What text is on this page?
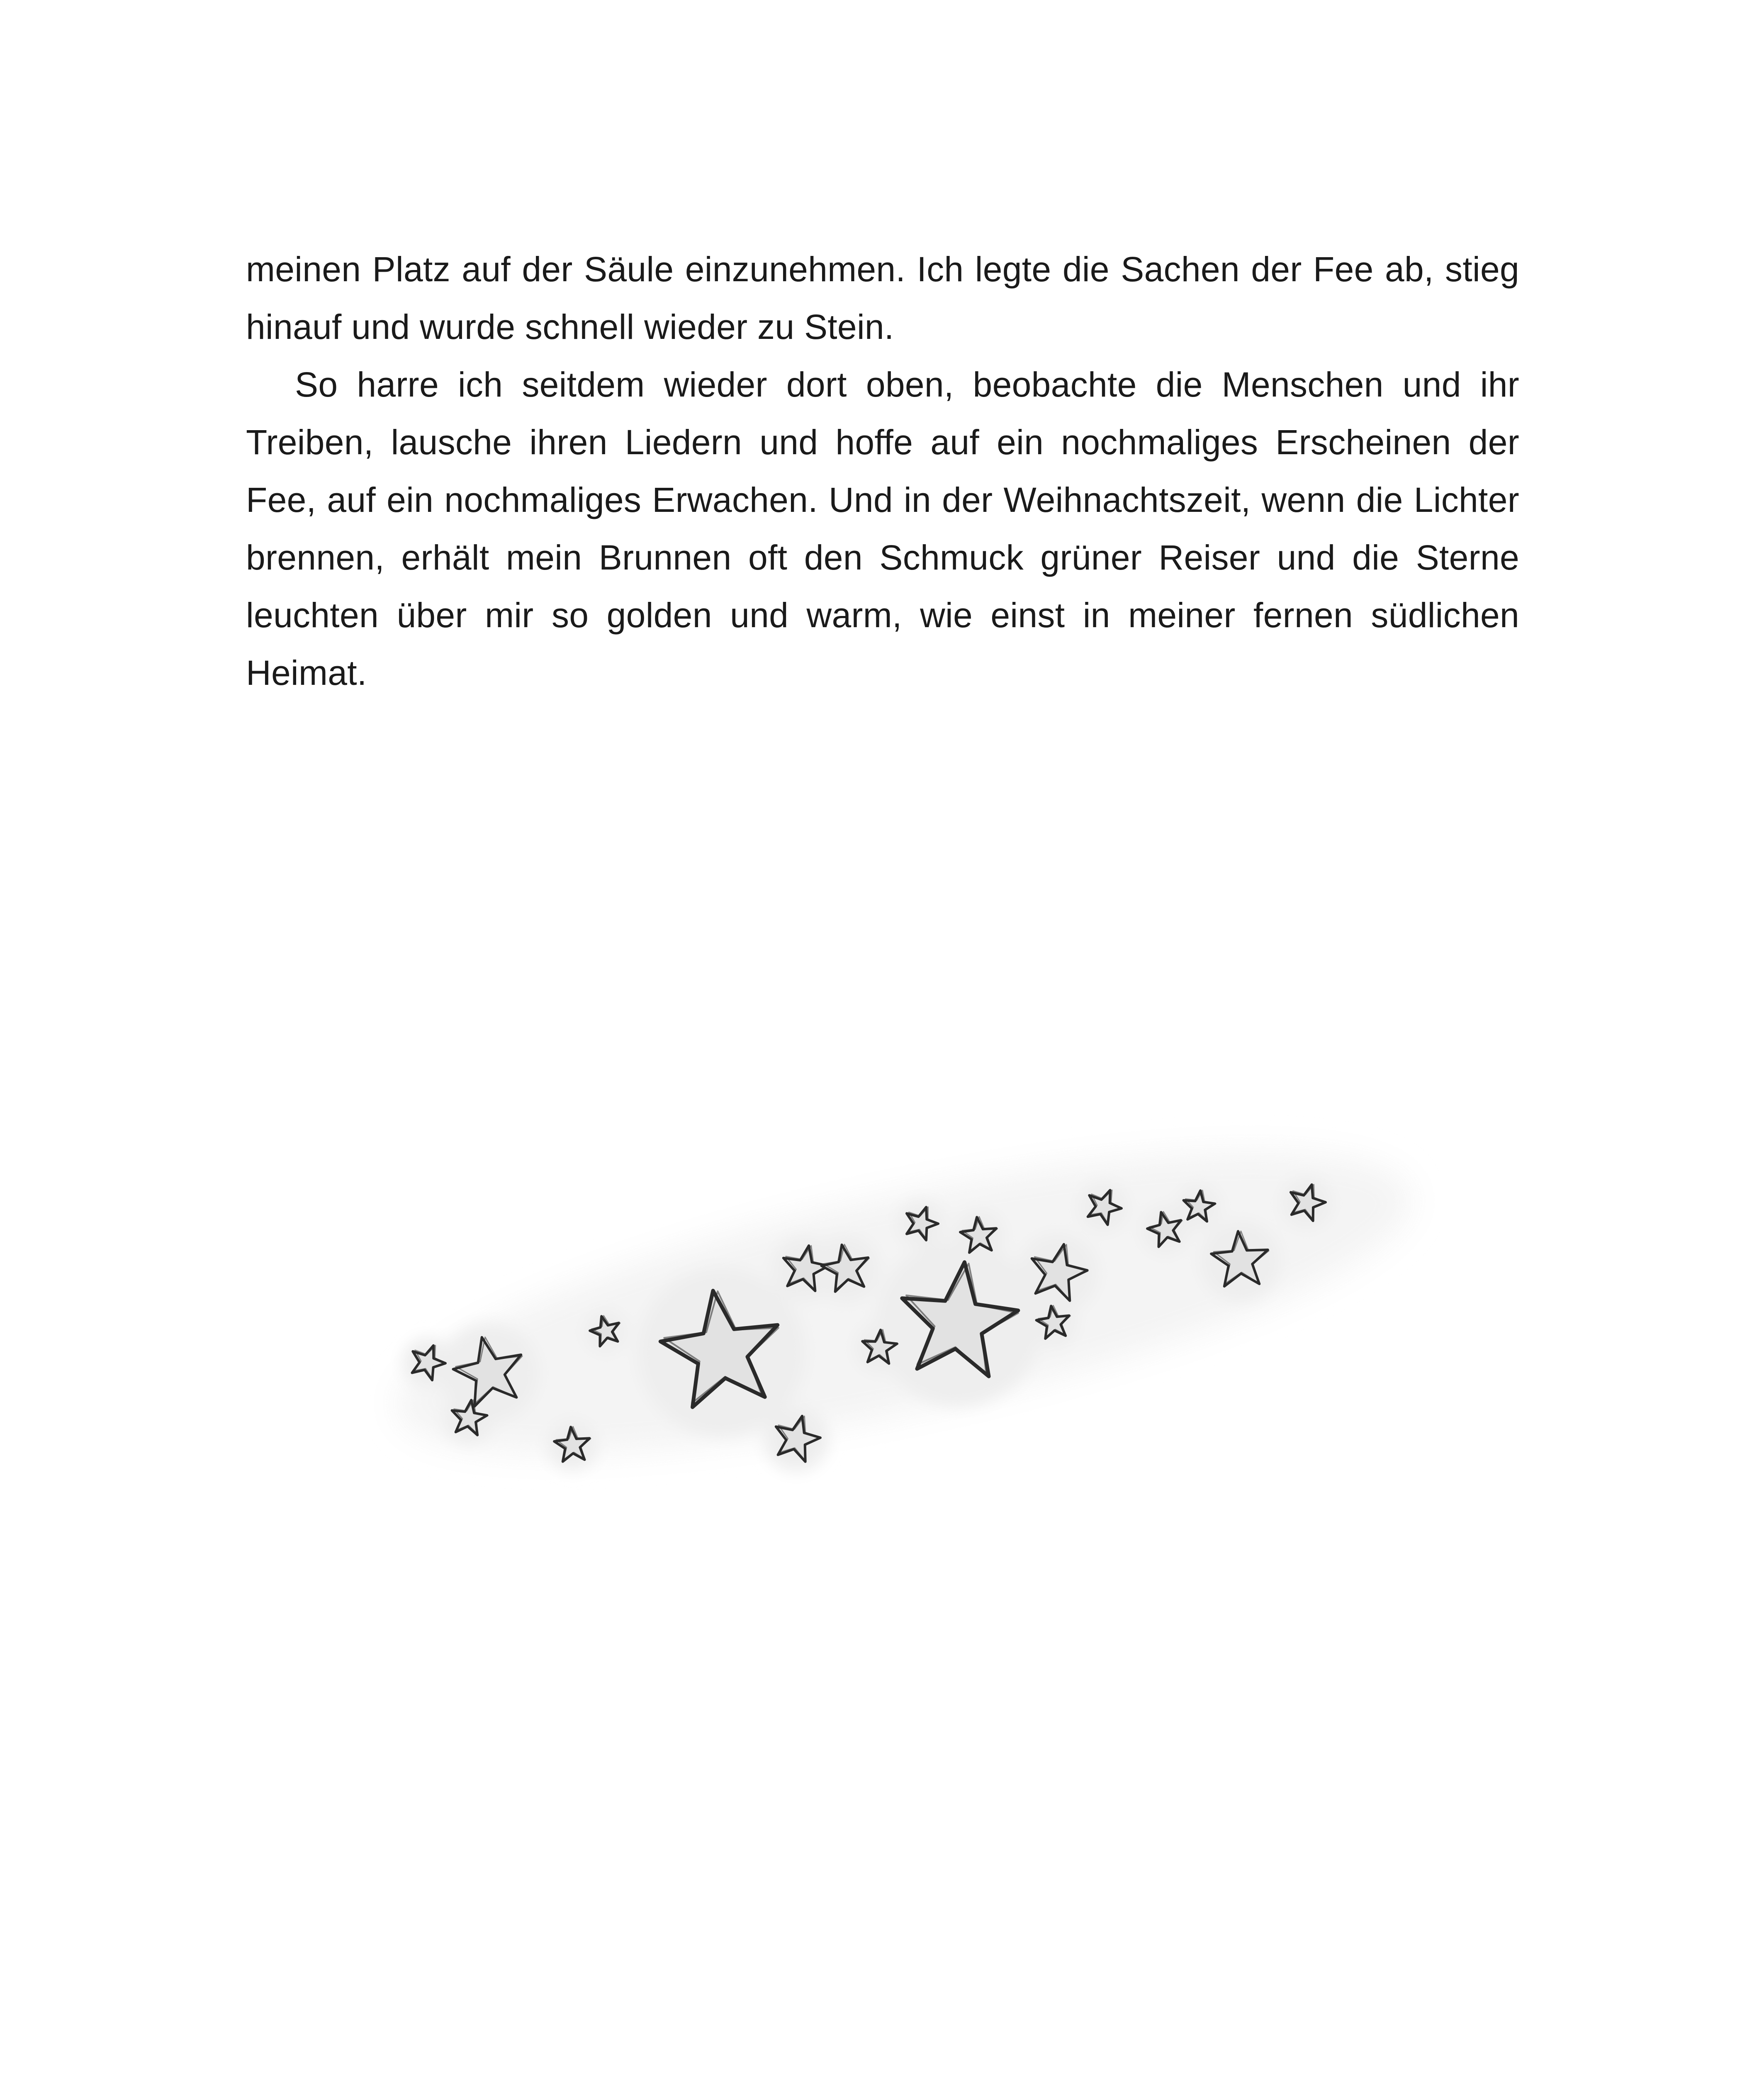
meinen Platz auf der Säule einzunehmen. Ich legte die Sachen der Fee ab, stieg hinauf und wurde schnell wieder zu Stein.

So harre ich seitdem wieder dort oben, beobachte die Menschen und ihr Treiben, lausche ihren Liedern und hoffe auf ein nochmaliges Erscheinen der Fee, auf ein nochmaliges Erwachen. Und in der Weihnachtszeit, wenn die Lichter brennen, erhält mein Brunnen oft den Schmuck grüner Reiser und die Sterne leuchten über mir so golden und warm, wie einst in meiner fernen südlichen Heimat.
